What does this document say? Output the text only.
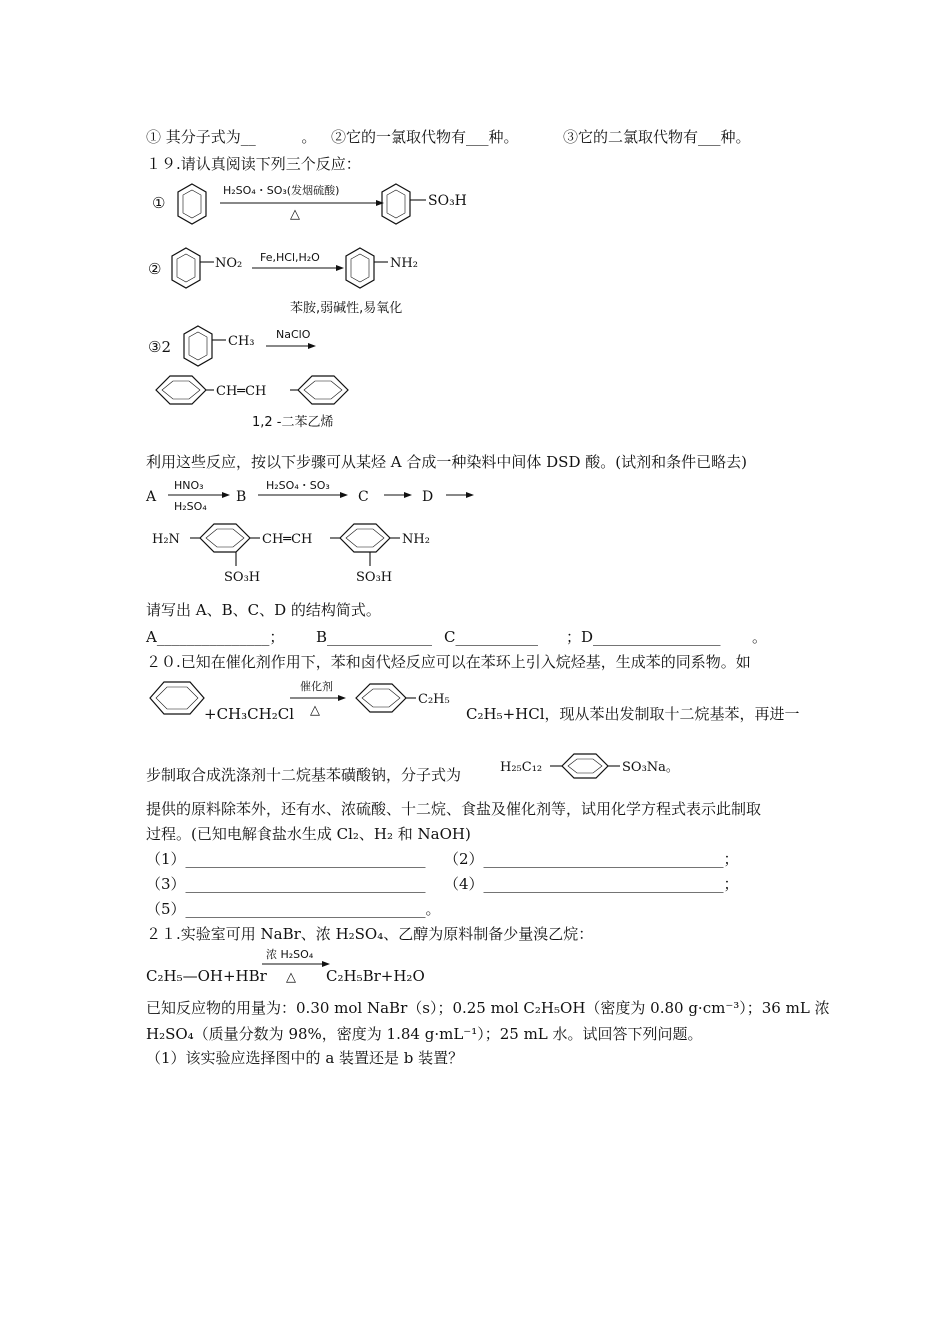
① 其分子式为__	。 ②它的一氯取代物有___种。	③它的二氯取代物有___种。
１９.请认真阅读下列三个反应：
①
H₂SO₄・SO₃(发烟硫酸)
△
SO₃H
②	NO₂ Fe,HCl,H₂O	NH₂
苯胺,弱碱性,易氧化
③2	CH₃ NaClO
CH═CH
1,2 -二苯乙烯
利用这些反应，按以下步骤可从某烃 A 合成一种染料中间体 DSD 酸。(试剂和条件已略去)
A
HNO₃
H₂SO₄
B
H₂SO₄・SO₃
C	D
H₂N	CH═CH	NH₂
SO₃H	SO₃H
请写出 A、B、C、D 的结构简式。
A_______________； B______________ C___________ ；D_________________ 。
２０.已知在催化剂作用下，苯和卤代烃反应可以在苯环上引入烷烃基，生成苯的同系物。如
催化剂
△
C₂H₅
+CH₃CH₂Cl	C₂H₅+HCl，现从苯出发制取十二烷基苯，再进一
步制取合成洗涤剂十二烷基苯磺酸钠，分子式为	H₂₅C₁₂	SO₃Na。
提供的原料除苯外，还有水、浓硫酸、十二烷、食盐及催化剂等，试用化学方程式表示此制取
过程。(已知电解食盐水生成 Cl₂、H₂ 和 NaOH)
（1）________________________________ （2）________________________________；
（3）________________________________ （4）________________________________；
（5）________________________________。
２１.实验室可用 NaBr、浓 H₂SO₄、乙醇为原料制备少量溴乙烷：
C₂H₅—OH+HBr
浓 H₂SO₄
△ C₂H₅Br+H₂O
已知反应物的用量为：0.30 mol NaBr（s）；0.25 mol C₂H₅OH（密度为 0.80 g·cm⁻³）；36 mL 浓
H₂SO₄（质量分数为 98%，密度为 1.84 g·mL⁻¹）；25 mL 水。试回答下列问题。
（1）该实验应选择图中的 a 装置还是 b 装置？
